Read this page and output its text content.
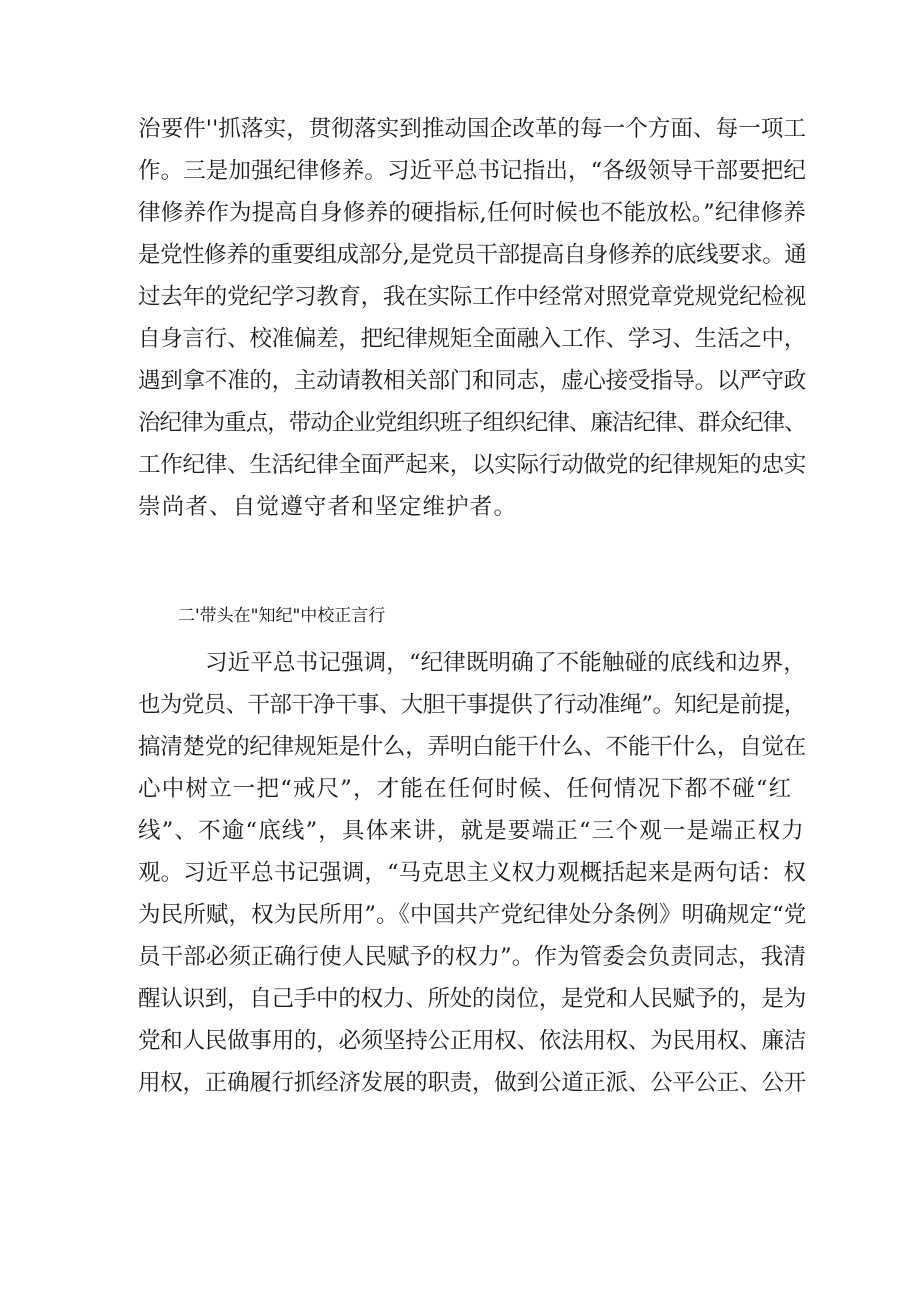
治要件''抓落实，贯彻落实到推动国企改革的每一个方面、每一项工
作。三是加强纪律修养。习近平总书记指出，“各级领导干部要把纪
律修养作为提高自身修养的硬指标,任何时候也不能放松。”纪律修养
是党性修养的重要组成部分,是党员干部提高自身修养的底线要求。通
过去年的党纪学习教育，我在实际工作中经常对照党章党规党纪检视
自身言行、校准偏差，把纪律规矩全面融入工作、学习、生活之中，
遇到拿不准的，主动请教相关部门和同志，虚心接受指导。以严守政
治纪律为重点，带动企业党组织班子组织纪律、廉洁纪律、群众纪律、
工作纪律、生活纪律全面严起来，以实际行动做党的纪律规矩的忠实
崇尚者、自觉遵守者和坚定维护者。
二'带头在"知纪"中校正言行
习近平总书记强调，“纪律既明确了不能触碰的底线和边界，
也为党员、干部干净干事、大胆干事提供了行动准绳”。知纪是前提，
搞清楚党的纪律规矩是什么，弄明白能干什么、不能干什么，自觉在
心中树立一把“戒尺”，才能在任何时候、任何情况下都不碰“红
线”、不逾“底线”，具体来讲，就是要端正“三个观一是端正权力
观。习近平总书记强调，“马克思主义权力观概括起来是两句话：权
为民所赋，权为民所用”。《中国共产党纪律处分条例》明确规定“党
员干部必须正确行使人民赋予的权力”。作为管委会负责同志，我清
醒认识到，自己手中的权力、所处的岗位，是党和人民赋予的，是为
党和人民做事用的，必须坚持公正用权、依法用权、为民用权、廉洁
用权，正确履行抓经济发展的职责，做到公道正派、公平公正、公开
